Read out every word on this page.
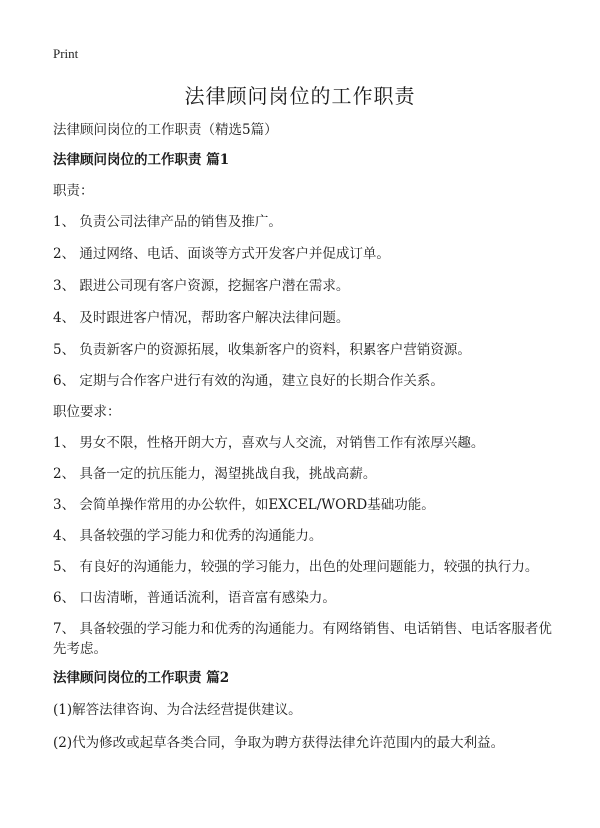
Print
法律顾问岗位的工作职责

法律顾问岗位的工作职责（精选5篇）

法律顾问岗位的工作职责 篇1

职责：

1、 负责公司法律产品的销售及推广。

2、 通过网络、电话、面谈等方式开发客户并促成订单。

3、 跟进公司现有客户资源，挖掘客户潜在需求。

4、 及时跟进客户情况，帮助客户解决法律问题。

5、 负责新客户的资源拓展，收集新客户的资料，积累客户营销资源。

6、 定期与合作客户进行有效的沟通，建立良好的长期合作关系。

职位要求：

1、 男女不限，性格开朗大方，喜欢与人交流，对销售工作有浓厚兴趣。

2、 具备一定的抗压能力，渴望挑战自我，挑战高薪。

3、 会简单操作常用的办公软件，如EXCEL/WORD基础功能。

4、 具备较强的学习能力和优秀的沟通能力。

5、 有良好的沟通能力，较强的学习能力，出色的处理问题能力，较强的执行力。

6、 口齿清晰，普通话流利，语音富有感染力。

7、 具备较强的学习能力和优秀的沟通能力。有网络销售、电话销售、电话客服者优先考虑。

法律顾问岗位的工作职责 篇2

(1)解答法律咨询、为合法经营提供建议。

(2)代为修改或起草各类合同，争取为聘方获得法律允许范围内的最大利益。
